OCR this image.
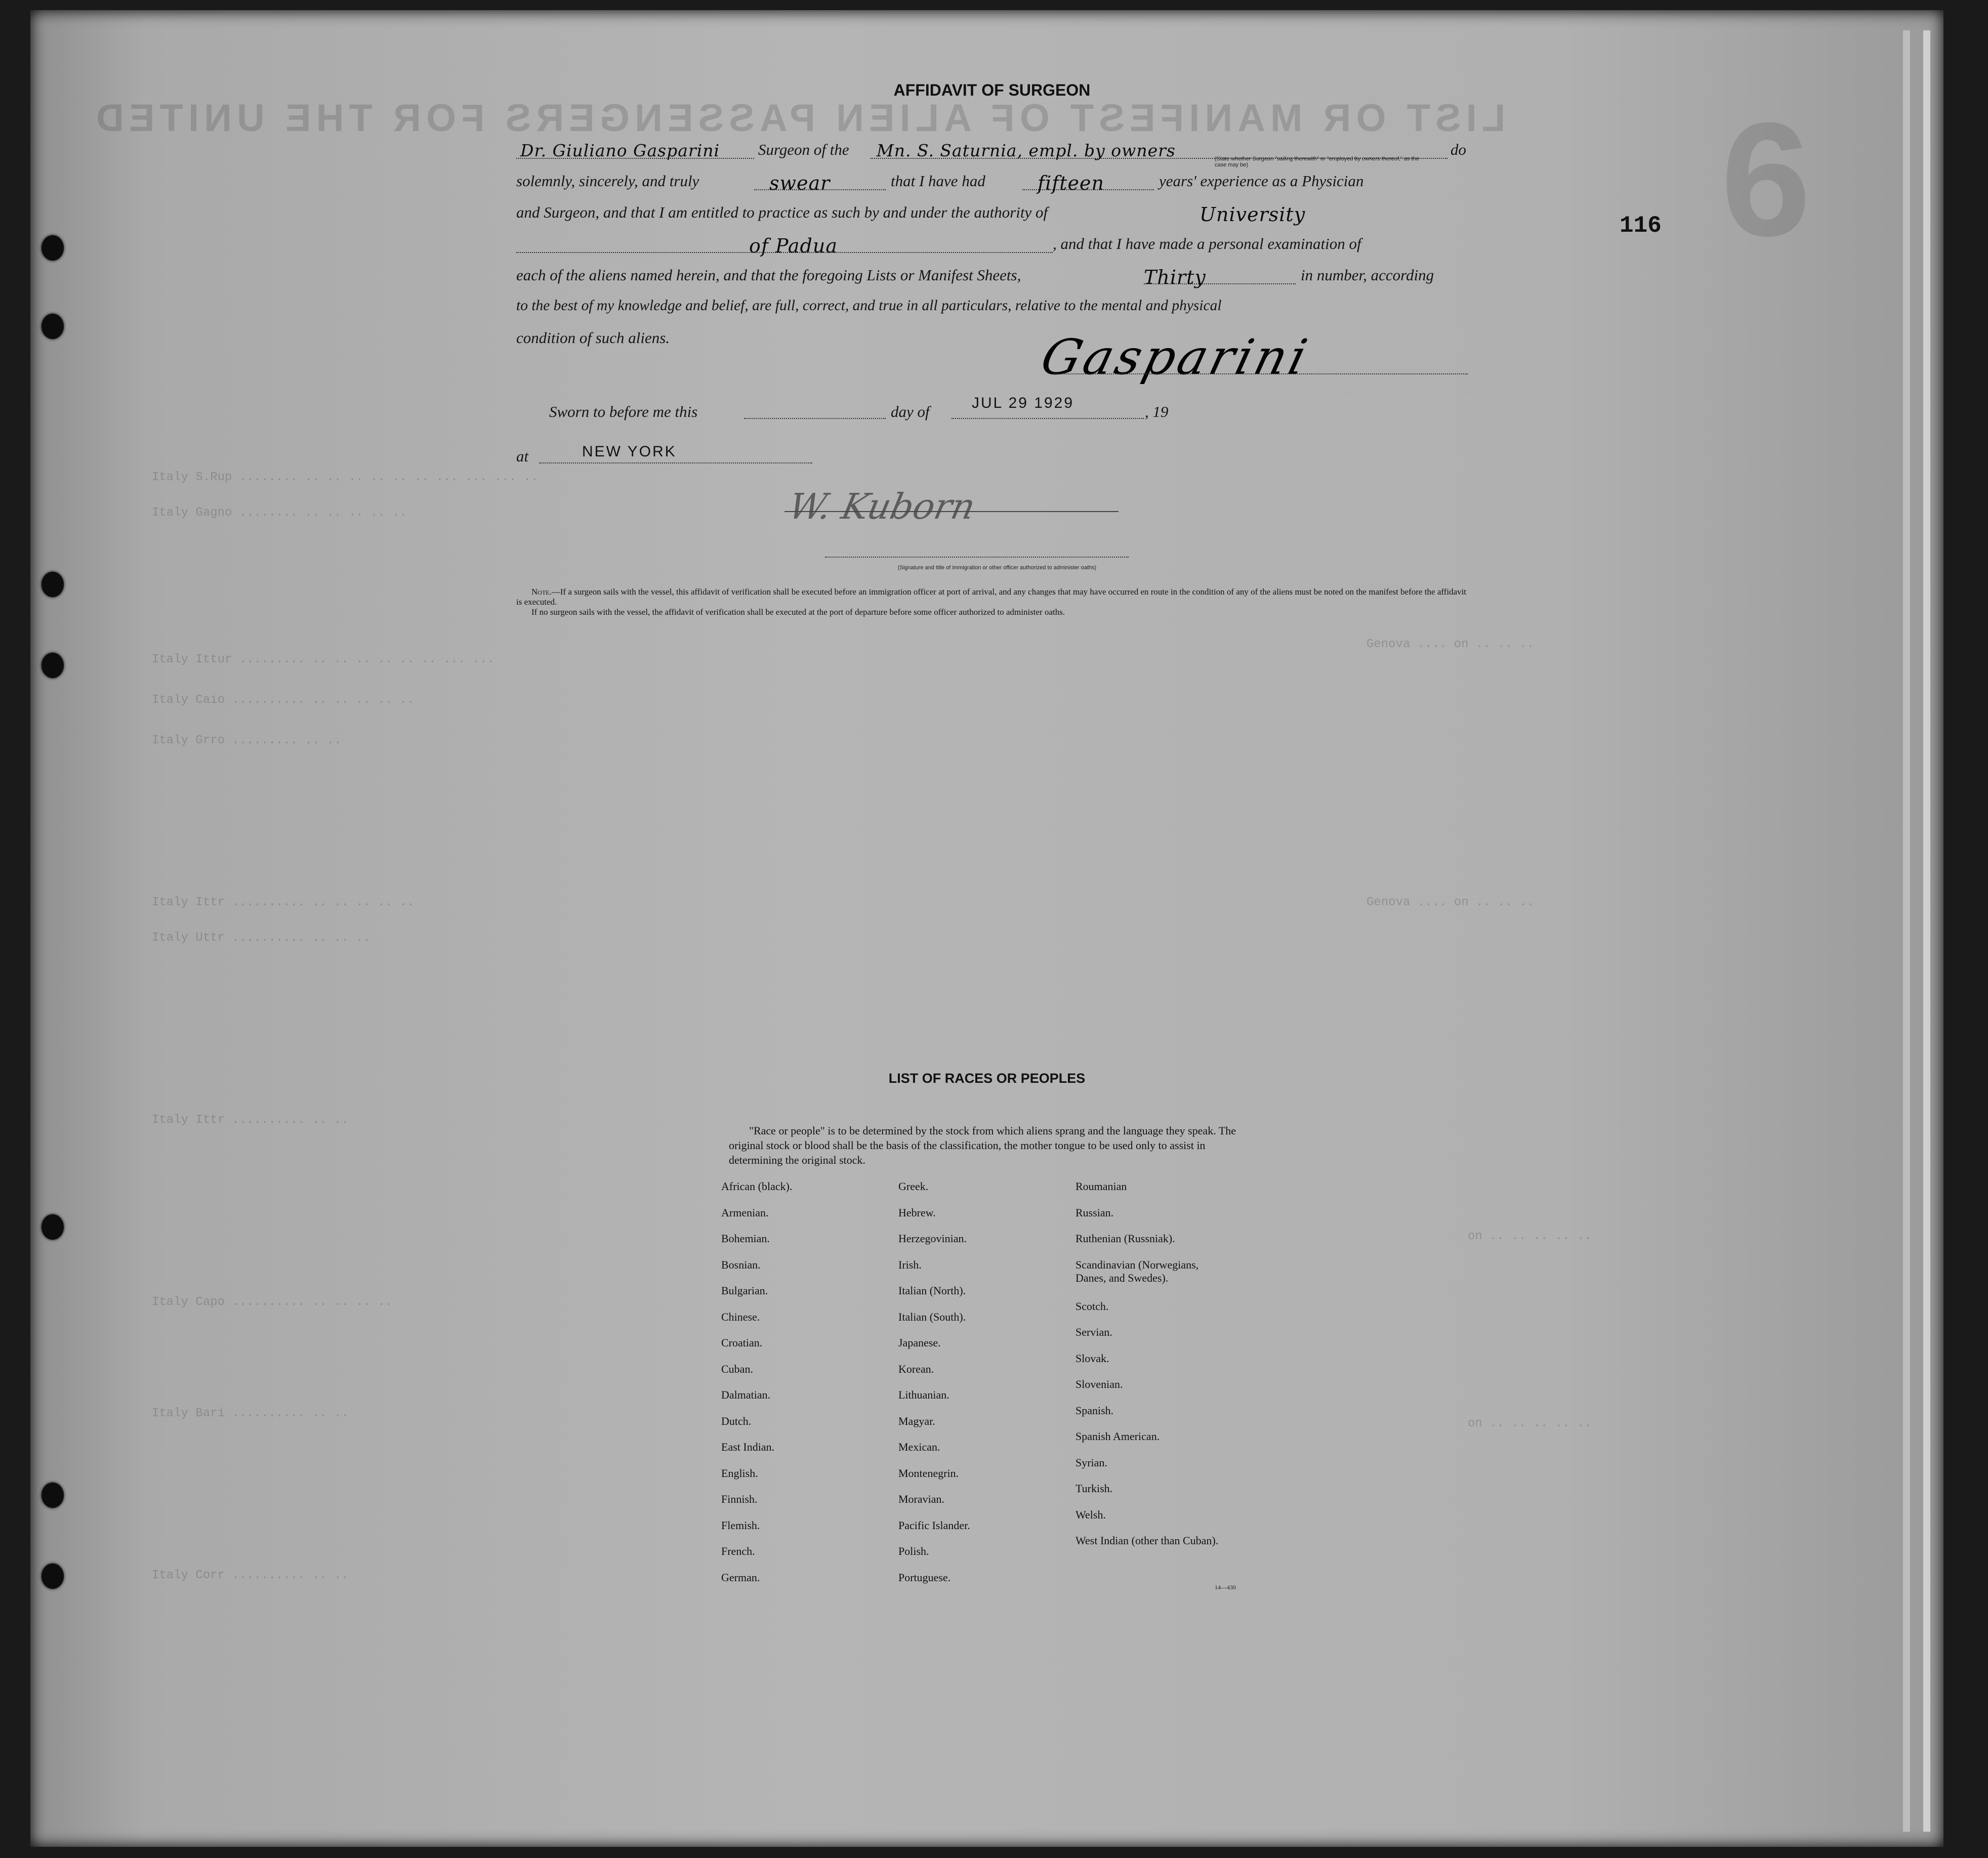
LIST OR MANIFEST OF ALIEN PASSENGERS FOR THE UNITED 6
Italy S.Rup ........ .. .. .. .. .. .. ... ... ... ..
Italy Gagno ........ .. .. .. .. ..
Italy Ittur ......... .. .. .. .. .. .. ... ...
Italy Caio .......... .. .. .. .. ..
Italy Grro ......... .. ..
Italy Ittr .......... .. .. .. .. ..
Italy Uttr .......... .. .. ..
Italy Ittr .......... .. ..
Italy Capo .......... .. .. .. ..
Italy Bari .......... .. ..
Italy Corr .......... .. ..
Genova .... on .. .. ..
Genova .... on .. .. ..
on .. .. .. .. ..
on .. .. .. .. ..
116
AFFIDAVIT OF SURGEON
Dr. Giuliano Gasparini Surgeon of the Mn. S. Saturnia, empl. by owners	do
(State whether Surgeon "sailing therewith" or "employed by owners thereof," as the case may be)
solemnly, sincerely, and truly	swear	that I have had	fifteen	years' experience as a Physician
and Surgeon, and that I am entitled to practice as such by and under the authority of	University
of Padua	, and that I have made a personal examination of
each of the aliens named herein, and that the foregoing Lists or Manifest Sheets,	Thirty	in number, according
to the best of my knowledge and belief, are full, correct, and true in all particulars, relative to the mental and physical
condition of such aliens.	Gasparini
Sworn to before me this	day of	JUL 29 1929	, 19
at	NEW YORK
W. Kuborn
(Signature and title of immigration or other officer authorized to administer oaths)
Note.—If a surgeon sails with the vessel, this affidavit of verification shall be executed before an immigration officer at port of arrival, and any changes that may have occurred en route in the condition of any of the aliens must be noted on the manifest before the affidavit is executed.
If no surgeon sails with the vessel, the affidavit of verification shall be executed at the port of departure before some officer authorized to administer oaths.
LIST OF RACES OR PEOPLES
"Race or people" is to be determined by the stock from which aliens sprang and the language they speak. The original stock or blood shall be the basis of the classification, the mother tongue to be used only to assist in determining the original stock.
African (black).
Armenian.
Bohemian.
Bosnian.
Bulgarian.
Chinese.
Croatian.
Cuban.
Dalmatian.
Dutch.
East Indian.
English.
Finnish.
Flemish.
French.
German.
Greek.
Hebrew.
Herzegovinian.
Irish.
Italian (North).
Italian (South).
Japanese.
Korean.
Lithuanian.
Magyar.
Mexican.
Montenegrin.
Moravian.
Pacific Islander.
Polish.
Portuguese.
Roumanian
Russian.
Ruthenian (Russniak).
Scandinavian (Norwegians, Danes, and Swedes).
Scotch.
Servian.
Slovak.
Slovenian.
Spanish.
Spanish American.
Syrian.
Turkish.
Welsh.
West Indian (other than Cuban).
14—430
